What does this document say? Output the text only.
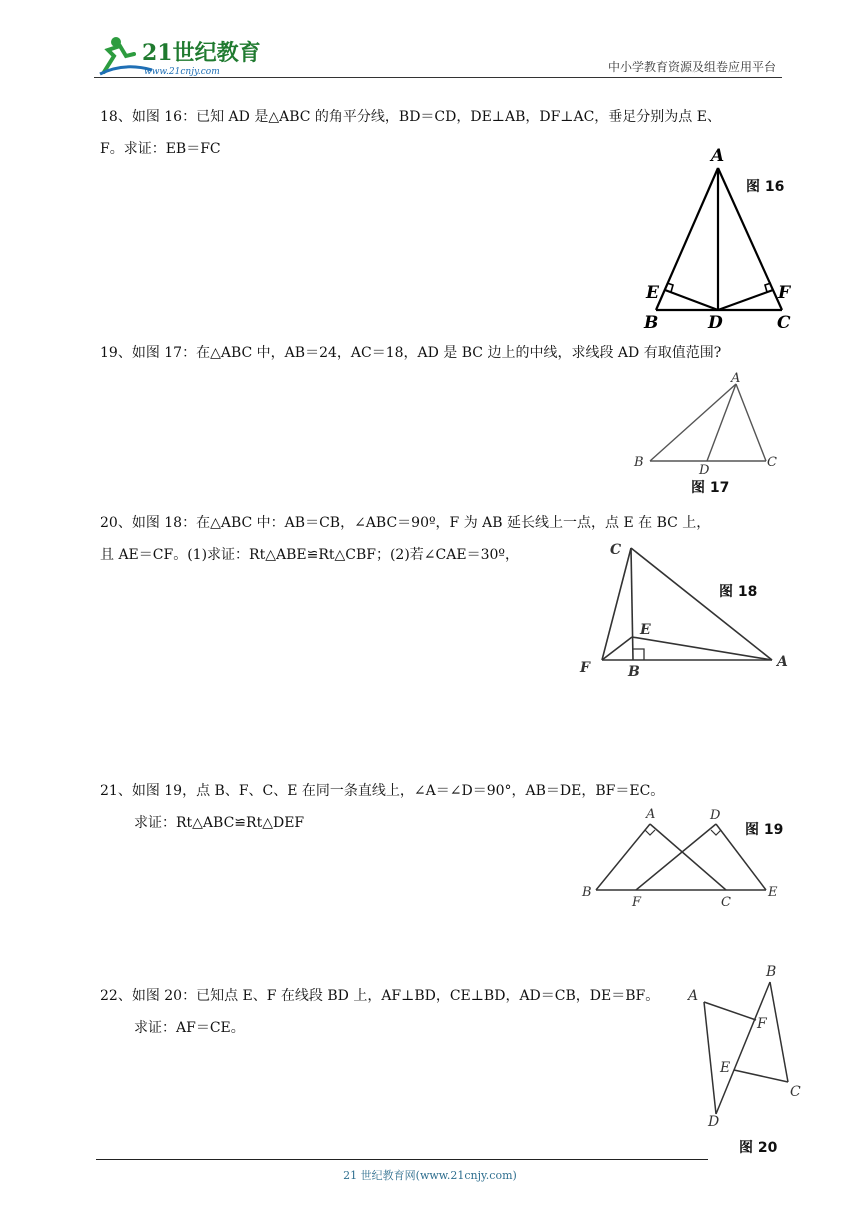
21世纪教育
www.21cnjy.com	中小学教育资源及组卷应用平台
18、如图 16：已知 AD 是△ABC 的角平分线，BD＝CD，DE⊥AB，DF⊥AC，垂足分别为点 E、
F。求证：EB＝FC
图 16
A
B	C
D
E	F
19、如图 17：在△ABC 中，AB＝24，AC＝18，AD 是 BC 边上的中线，求线段 AD 有取值范围?
A
B	C
D
图 17
20、如图 18：在△ABC 中：AB＝CB，∠ABC＝90º，F 为 AB 延长线上一点，点 E 在 BC 上，
且 AE＝CF。(1)求证：Rt△ABE≌Rt△CBF；(2)若∠CAE＝30º，
图 18
C
F	B
E
A
21、如图 19，点 B、F、C、E 在同一条直线上，∠A＝∠D＝90°，AB＝DE，BF＝EC。
求证：Rt△ABC≌Rt△DEF	图 19
A	D
B
F	C
E
22、如图 20：已知点 E、F 在线段 BD 上，AF⊥BD，CE⊥BD，AD＝CB，DE＝BF。
求证：AF＝CE。
B
A
F
E
C
D
图 20
21 世纪教育网(www.21cnjy.com)
